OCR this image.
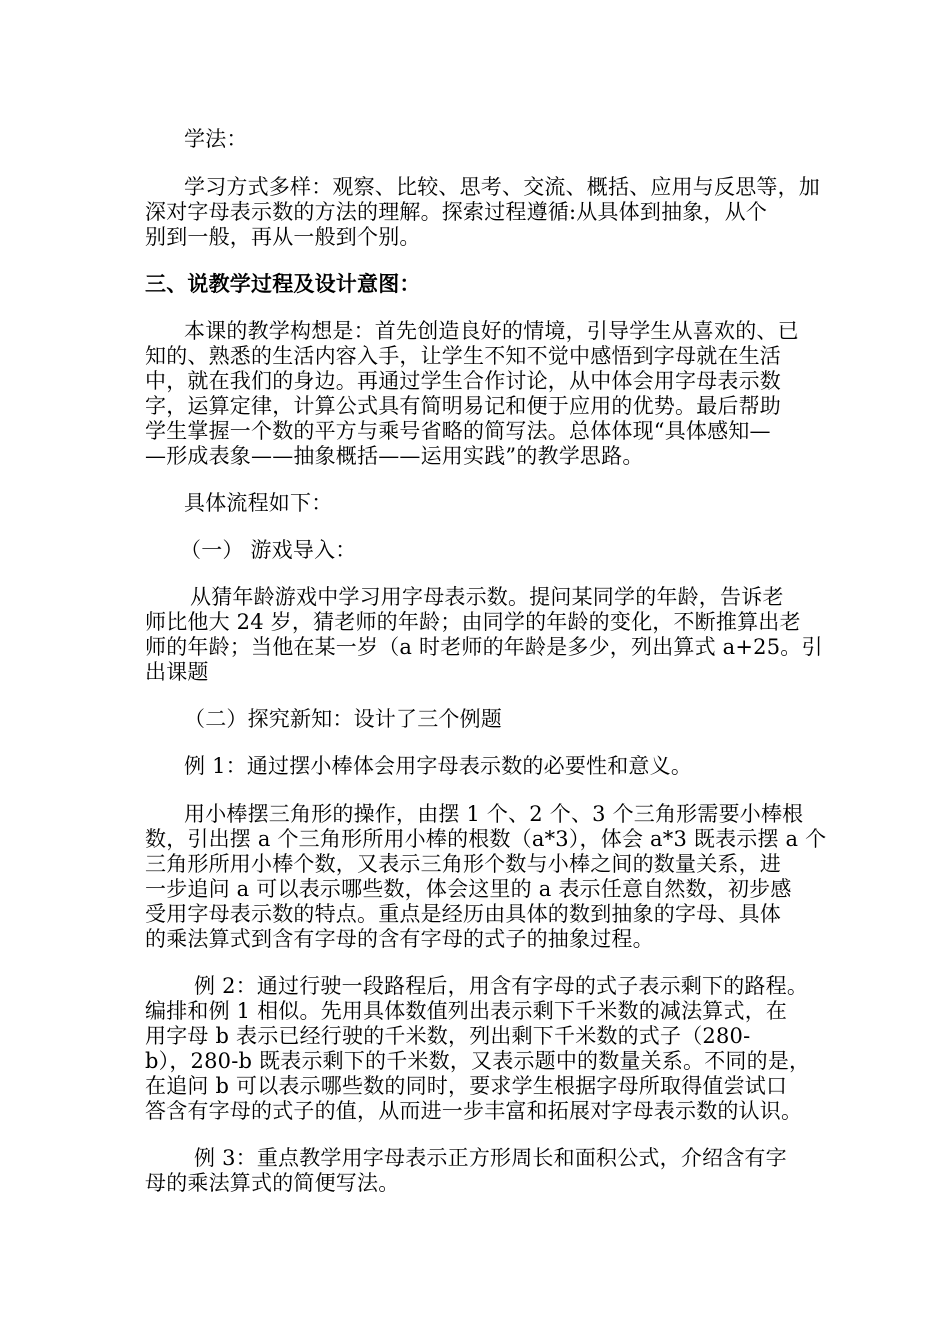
学法：
学习方式多样：观察、比较、思考、交流、概括、应用与反思等，加
深对字母表示数的方法的理解。探索过程遵循:从具体到抽象，从个
别到一般，再从一般到个别。
三、说教学过程及设计意图：
本课的教学构想是：首先创造良好的情境，引导学生从喜欢的、已
知的、熟悉的生活内容入手，让学生不知不觉中感悟到字母就在生活
中，就在我们的身边。再通过学生合作讨论，从中体会用字母表示数
字，运算定律，计算公式具有简明易记和便于应用的优势。最后帮助
学生掌握一个数的平方与乘号省略的简写法。总体体现“具体感知—
—形成表象——抽象概括——运用实践”的教学思路。
具体流程如下：
（一） 游戏导入：
从猜年龄游戏中学习用字母表示数。提问某同学的年龄，告诉老
师比他大 24 岁，猜老师的年龄；由同学的年龄的变化，不断推算出老
师的年龄；当他在某一岁（a 时老师的年龄是多少，列出算式 a+25。引
出课题
（二）探究新知：设计了三个例题
例 1：通过摆小棒体会用字母表示数的必要性和意义。
用小棒摆三角形的操作，由摆 1 个、2 个、3 个三角形需要小棒根
数，引出摆 a 个三角形所用小棒的根数（a*3），体会 a*3 既表示摆 a 个
三角形所用小棒个数，又表示三角形个数与小棒之间的数量关系，进
一步追问 a 可以表示哪些数，体会这里的 a 表示任意自然数，初步感
受用字母表示数的特点。重点是经历由具体的数到抽象的字母、具体
的乘法算式到含有字母的含有字母的式子的抽象过程。
例 2：通过行驶一段路程后，用含有字母的式子表示剩下的路程。
编排和例 1 相似。先用具体数值列出表示剩下千米数的减法算式，在
用字母 b 表示已经行驶的千米数，列出剩下千米数的式子（280-
b），280-b 既表示剩下的千米数，又表示题中的数量关系。不同的是，
在追问 b 可以表示哪些数的同时，要求学生根据字母所取得值尝试口
答含有字母的式子的值，从而进一步丰富和拓展对字母表示数的认识。
例 3：重点教学用字母表示正方形周长和面积公式，介绍含有字
母的乘法算式的简便写法。
